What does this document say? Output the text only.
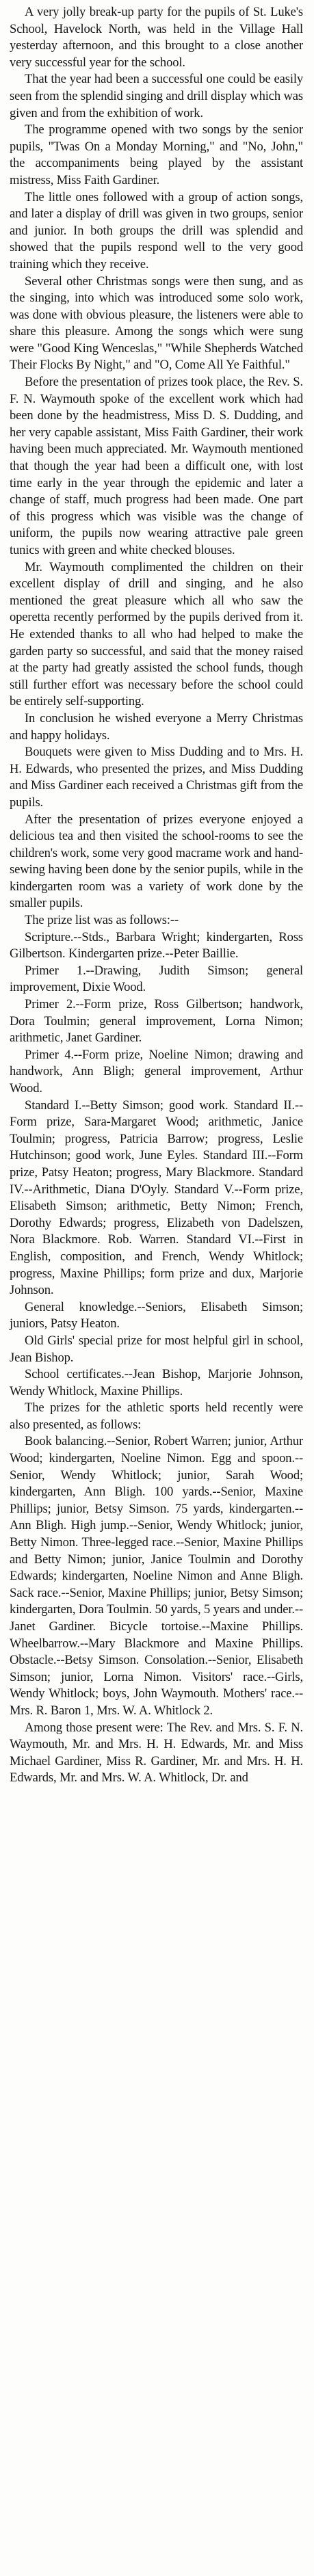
A very jolly break-up party for the pupils of St. Luke's School, Havelock North, was held in the Village Hall yesterday afternoon, and this brought to a close another very successful year for the school.

That the year had been a successful one could be easily seen from the splendid singing and drill display which was given and from the exhibition of work.

The programme opened with two songs by the senior pupils, "Twas On a Monday Morning," and "No, John," the accompaniments being played by the assistant mistress, Miss Faith Gardiner.

The little ones followed with a group of action songs, and later a display of drill was given in two groups, senior and junior. In both groups the drill was splendid and showed that the pupils respond well to the very good training which they receive.

Several other Christmas songs were then sung, and as the singing, into which was introduced some solo work, was done with obvious pleasure, the listeners were able to share this pleasure. Among the songs which were sung were "Good King Wenceslas," "While Shepherds Watched Their Flocks By Night," and "O, Come All Ye Faithful."

Before the presentation of prizes took place, the Rev. S. F. N. Waymouth spoke of the excellent work which had been done by the headmistress, Miss D. S. Dudding, and her very capable assistant, Miss Faith Gardiner, their work having been much appreciated. Mr. Waymouth mentioned that though the year had been a difficult one, with lost time early in the year through the epidemic and later a change of staff, much progress had been made. One part of this progress which was visible was the change of uniform, the pupils now wearing attractive pale green tunics with green and white checked blouses.

Mr. Waymouth complimented the children on their excellent display of drill and singing, and he also mentioned the great pleasure which all who saw the operetta recently performed by the pupils derived from it. He extended thanks to all who had helped to make the garden party so successful, and said that the money raised at the party had greatly assisted the school funds, though still further effort was necessary before the school could be entirely self-supporting.

In conclusion he wished everyone a Merry Christmas and happy holidays.

Bouquets were given to Miss Dudding and to Mrs. H. H. Edwards, who presented the prizes, and Miss Dudding and Miss Gardiner each received a Christmas gift from the pupils.

After the presentation of prizes everyone enjoyed a delicious tea and then visited the school-rooms to see the children's work, some very good macrame work and hand-sewing having been done by the senior pupils, while in the kindergarten room was a variety of work done by the smaller pupils.

The prize list was as follows:--

Scripture.--Stds., Barbara Wright; kindergarten, Ross Gilbertson. Kindergarten prize.--Peter Baillie.

Primer 1.--Drawing, Judith Simson; general improvement, Dixie Wood.

Primer 2.--Form prize, Ross Gilbertson; handwork, Dora Toulmin; general improvement, Lorna Nimon; arithmetic, Janet Gardiner.

Primer 4.--Form prize, Noeline Nimon; drawing and handwork, Ann Bligh; general improvement, Arthur Wood.

Standard I.--Betty Simson; good work. Standard II.--Form prize, Sara-Margaret Wood; arithmetic, Janice Toulmin; progress, Patricia Barrow; progress, Leslie Hutchinson; good work, June Eyles. Standard III.--Form prize, Patsy Heaton; progress, Mary Blackmore. Standard IV.--Arithmetic, Diana D'Oyly. Standard V.--Form prize, Elisabeth Simson; arithmetic, Betty Nimon; French, Dorothy Edwards; progress, Elizabeth von Dadelszen, Nora Blackmore. Rob. Warren. Standard VI.--First in English, composition, and French, Wendy Whitlock; progress, Maxine Phillips; form prize and dux, Marjorie Johnson.

General knowledge.--Seniors, Elisabeth Simson; juniors, Patsy Heaton.

Old Girls' special prize for most helpful girl in school, Jean Bishop.

School certificates.--Jean Bishop, Marjorie Johnson, Wendy Whitlock, Maxine Phillips.

The prizes for the athletic sports held recently were also presented, as follows:

Book balancing.--Senior, Robert Warren; junior, Arthur Wood; kindergarten, Noeline Nimon. Egg and spoon.--Senior, Wendy Whitlock; junior, Sarah Wood; kindergarten, Ann Bligh. 100 yards.--Senior, Maxine Phillips; junior, Betsy Simson. 75 yards, kindergarten.--Ann Bligh. High jump.--Senior, Wendy Whitlock; junior, Betty Nimon. Three-legged race.--Senior, Maxine Phillips and Betty Nimon; junior, Janice Toulmin and Dorothy Edwards; kindergarten, Noeline Nimon and Anne Bligh. Sack race.--Senior, Maxine Phillips; junior, Betsy Simson; kindergarten, Dora Toulmin. 50 yards, 5 years and under.--Janet Gardiner. Bicycle tortoise.--Maxine Phillips. Wheelbarrow.--Mary Blackmore and Maxine Phillips. Obstacle.--Betsy Simson. Consolation.--Senior, Elisabeth Simson; junior, Lorna Nimon. Visitors' race.--Girls, Wendy Whitlock; boys, John Waymouth. Mothers' race.--Mrs. R. Baron 1, Mrs. W. A. Whitlock 2.

Among those present were: The Rev. and Mrs. S. F. N. Waymouth, Mr. and Mrs. H. H. Edwards, Mr. and Miss Michael Gardiner, Miss R. Gardiner, Mr. and Mrs. H. H. Edwards, Mr. and Mrs. W. A. Whitlock, Dr. and
